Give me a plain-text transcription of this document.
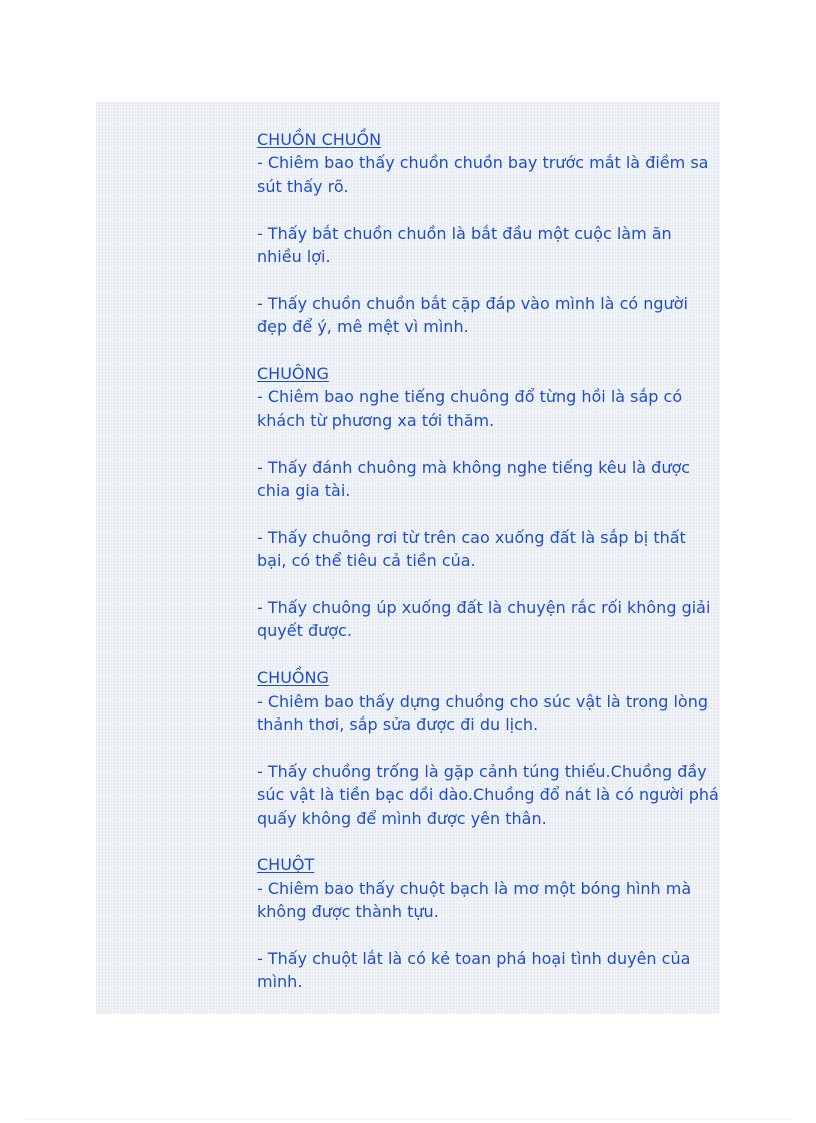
CHUỒN CHUỒN

- Chiêm bao thấy chuồn chuồn bay trước mắt là điềm sa sút thấy rõ.

- Thấy bắt chuồn chuồn là bắt đầu một cuộc làm ăn nhiều lợi.

- Thấy chuồn chuồn bắt cặp đáp vào mình là có người đẹp để ý, mê mệt vì mình.

CHUÔNG

- Chiêm bao nghe tiếng chuông đổ từng hồi là sắp có khách từ phương xa tới thăm.

- Thấy đánh chuông mà không nghe tiếng kêu là được chia gia tài.

- Thấy chuông rơi từ trên cao xuống đất là sắp bị thất bại, có thể tiêu cả tiền của.

- Thấy chuông úp xuống đất là chuyện rắc rối không giải quyết được.

CHUỒNG

- Chiêm bao thấy dựng chuồng cho súc vật là trong lòng thảnh thơi, sắp sửa được đi du lịch.

- Thấy chuồng trống là gặp cảnh túng thiếu.Chuồng đầy súc vật là tiền bạc dồi dào.Chuồng đổ nát là có người phá quấy không để mình được yên thân.

CHUỘT

- Chiêm bao thấy chuột bạch là mơ một bóng hình mà không được thành tựu.

- Thấy chuột lắt là có kẻ toan phá hoại tình duyên của mình.
